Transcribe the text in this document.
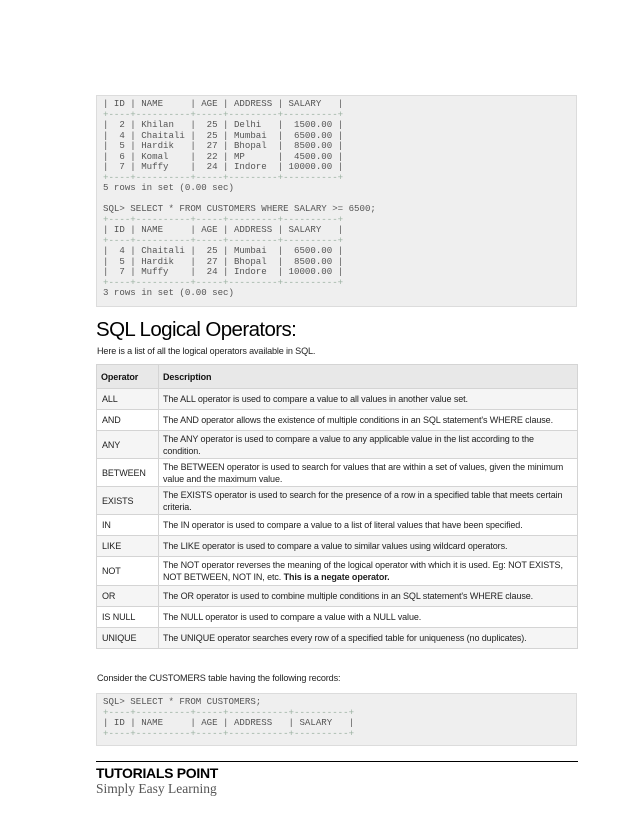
| ID | NAME     | AGE | ADDRESS | SALARY   |
+----+----------+-----+---------+----------+
|  2 | Khilan   |  25 | Delhi   |  1500.00 |
|  4 | Chaitali |  25 | Mumbai  |  6500.00 |
|  5 | Hardik   |  27 | Bhopal  |  8500.00 |
|  6 | Komal    |  22 | MP      |  4500.00 |
|  7 | Muffy    |  24 | Indore  | 10000.00 |
+----+----------+-----+---------+----------+
5 rows in set (0.00 sec)

SQL> SELECT * FROM CUSTOMERS WHERE SALARY >= 6500;
+----+----------+-----+---------+----------+
| ID | NAME     | AGE | ADDRESS | SALARY   |
+----+----------+-----+---------+----------+
|  4 | Chaitali |  25 | Mumbai  |  6500.00 |
|  5 | Hardik   |  27 | Bhopal  |  8500.00 |
|  7 | Muffy    |  24 | Indore  | 10000.00 |
+----+----------+-----+---------+----------+
3 rows in set (0.00 sec)

SQL Logical Operators:

Here is a list of all the logical operators available in SQL.

Operator	Description
ALL	The ALL operator is used to compare a value to all values in another value set.
AND	The AND operator allows the existence of multiple conditions in an SQL statement's WHERE clause.
ANY	The ANY operator is used to compare a value to any applicable value in the list according to the condition.
BETWEEN	The BETWEEN operator is used to search for values that are within a set of values, given the minimum value and the maximum value.
EXISTS	The EXISTS operator is used to search for the presence of a row in a specified table that meets certain criteria.
IN	The IN operator is used to compare a value to a list of literal values that have been specified.
LIKE	The LIKE operator is used to compare a value to similar values using wildcard operators.
NOT	The NOT operator reverses the meaning of the logical operator with which it is used. Eg: NOT EXISTS, NOT BETWEEN, NOT IN, etc. This is a negate operator.
OR	The OR operator is used to combine multiple conditions in an SQL statement's WHERE clause.
IS NULL	The NULL operator is used to compare a value with a NULL value.
UNIQUE	The UNIQUE operator searches every row of a specified table for uniqueness (no duplicates).

Consider the CUSTOMERS table having the following records:

SQL> SELECT * FROM CUSTOMERS;
+----+----------+-----+-----------+----------+
| ID | NAME     | AGE | ADDRESS   | SALARY   |
+----+----------+-----+-----------+----------+

TUTORIALS POINT
Simply Easy Learning
